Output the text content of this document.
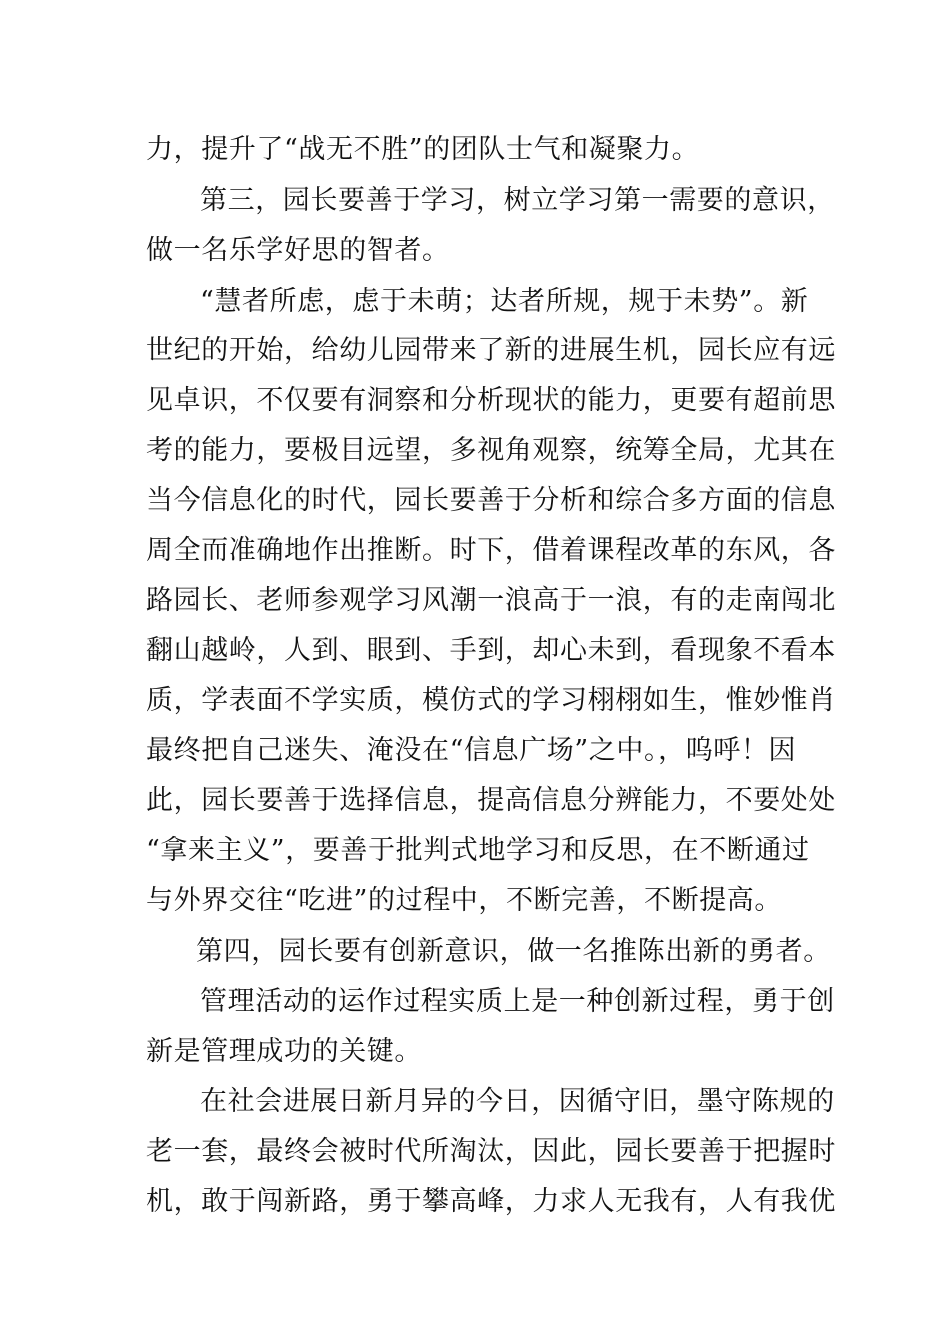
力，提升了“战无不胜”的团队士气和凝聚力。
第三，园长要善于学习，树立学习第一需要的意识，
做一名乐学好思的智者。
“慧者所虑，虑于未萌；达者所规，规于未势”。新
世纪的开始，给幼儿园带来了新的进展生机，园长应有远
见卓识，不仅要有洞察和分析现状的能力，更要有超前思
考的能力，要极目远望，多视角观察，统筹全局，尤其在
当今信息化的时代，园长要善于分析和综合多方面的信息
周全而准确地作出推断。时下，借着课程改革的东风，各
路园长、老师参观学习风潮一浪高于一浪，有的走南闯北
翻山越岭，人到、眼到、手到，却心未到，看现象不看本
质，学表面不学实质，模仿式的学习栩栩如生，惟妙惟肖
最终把自己迷失、淹没在“信息广场”之中。，呜呼！因
此，园长要善于选择信息，提高信息分辨能力，不要处处
“拿来主义”，要善于批判式地学习和反思，在不断通过
与外界交往“吃进”的过程中，不断完善，不断提高。
第四，园长要有创新意识，做一名推陈出新的勇者。
管理活动的运作过程实质上是一种创新过程，勇于创
新是管理成功的关键。
在社会进展日新月异的今日，因循守旧，墨守陈规的
老一套，最终会被时代所淘汰，因此，园长要善于把握时
机，敢于闯新路，勇于攀高峰，力求人无我有，人有我优
